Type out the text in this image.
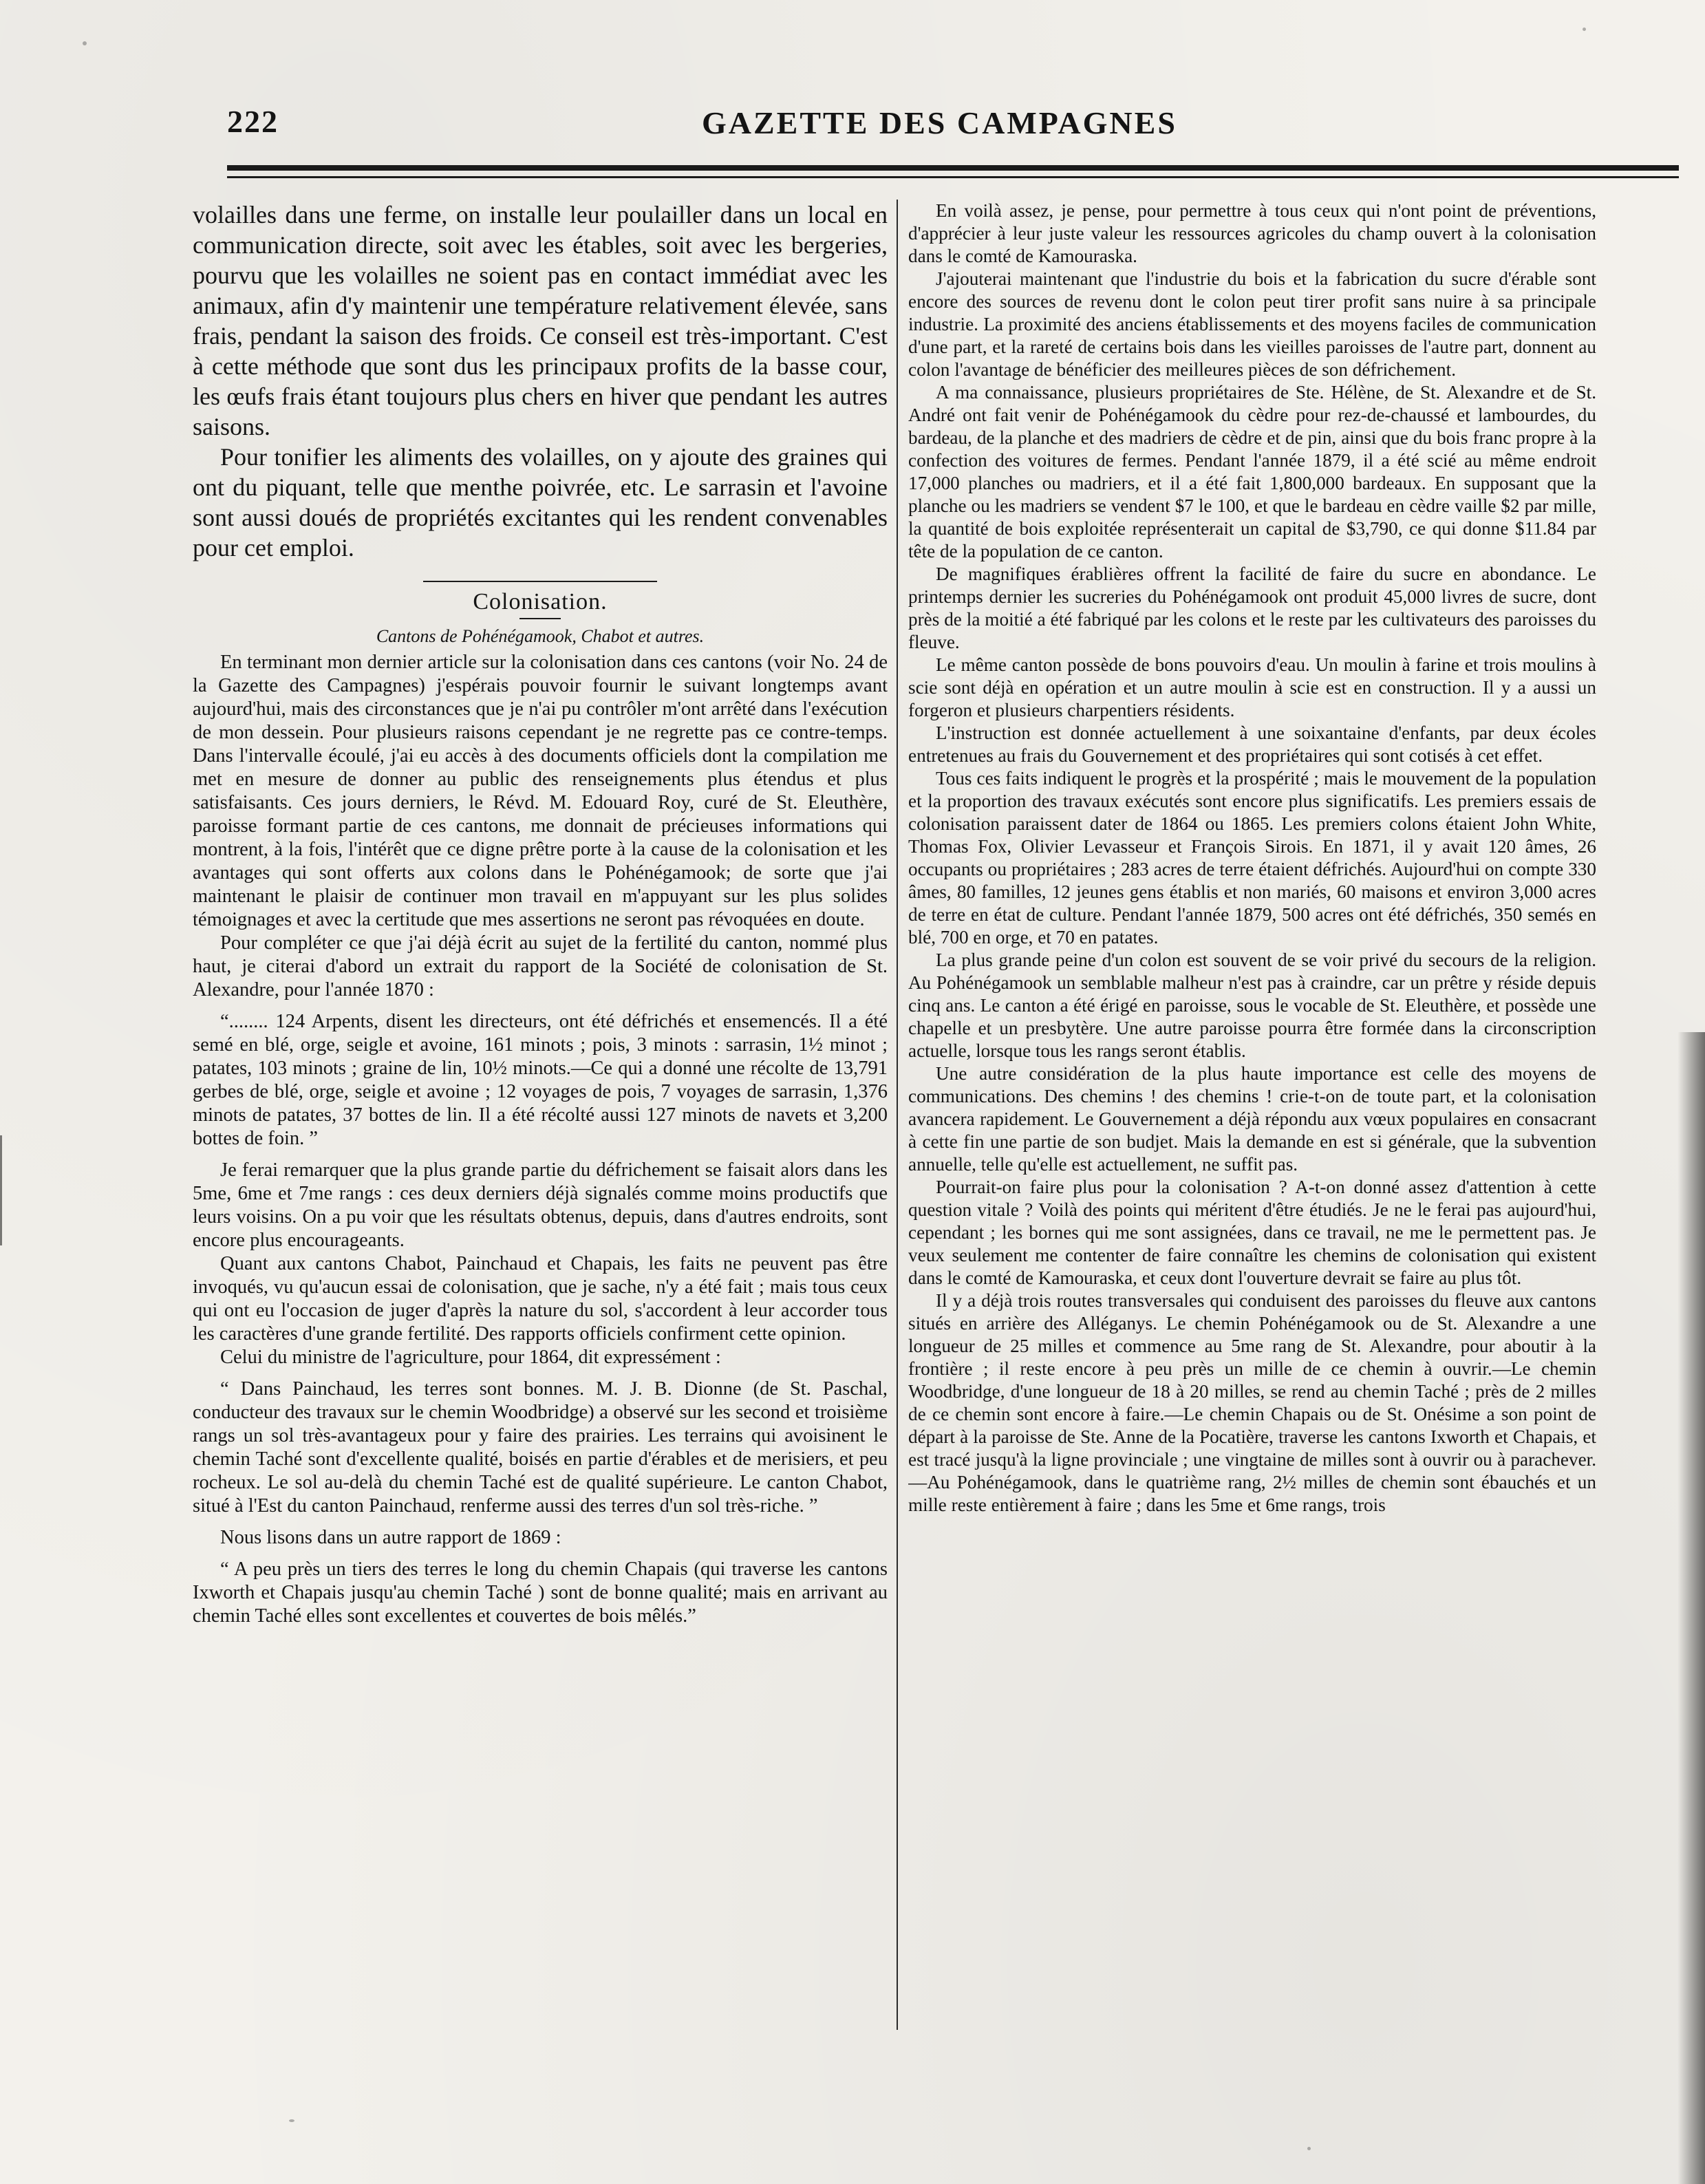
222	GAZETTE DES CAMPAGNES

volailles dans une ferme, on installe leur poulailler dans un local en communication directe, soit avec les étables, soit avec les bergeries, pourvu que les volailles ne soient pas en contact immédiat avec les animaux, afin d'y maintenir une température relativement élevée, sans frais, pendant la saison des froids. Ce conseil est très-important. C'est à cette méthode que sont dus les principaux profits de la basse cour, les œufs frais étant toujours plus chers en hiver que pendant les autres saisons.

Pour tonifier les aliments des volailles, on y ajoute des graines qui ont du piquant, telle que menthe poivrée, etc. Le sarrasin et l'avoine sont aussi doués de propriétés excitantes qui les rendent convenables pour cet emploi.

Colonisation.
Cantons de Pohénégamook, Chabot et autres.

En terminant mon dernier article sur la colonisation dans ces cantons (voir No. 24 de la Gazette des Campagnes) j'espérais pouvoir fournir le suivant longtemps avant aujourd'hui, mais des circonstances que je n'ai pu contrôler m'ont arrêté dans l'exécution de mon dessein. Pour plusieurs raisons cependant je ne regrette pas ce contre-temps. Dans l'intervalle écoulé, j'ai eu accès à des documents officiels dont la compilation me met en mesure de donner au public des renseignements plus étendus et plus satisfaisants. Ces jours derniers, le Révd. M. Edouard Roy, curé de St. Eleuthère, paroisse formant partie de ces cantons, me donnait de précieuses informations qui montrent, à la fois, l'intérêt que ce digne prêtre porte à la cause de la colonisation et les avantages qui sont offerts aux colons dans le Pohénégamook; de sorte que j'ai maintenant le plaisir de continuer mon travail en m'appuyant sur les plus solides témoignages et avec la certitude que mes assertions ne seront pas révoquées en doute.

Pour compléter ce que j'ai déjà écrit au sujet de la fertilité du canton, nommé plus haut, je citerai d'abord un extrait du rapport de la Société de colonisation de St. Alexandre, pour l'année 1870 :

“........ 124 Arpents, disent les directeurs, ont été défrichés et ensemencés. Il a été semé en blé, orge, seigle et avoine, 161 minots ; pois, 3 minots : sarrasin, 1½ minot ; patates, 103 minots ; graine de lin, 10½ minots.—Ce qui a donné une récolte de 13,791 gerbes de blé, orge, seigle et avoine ; 12 voyages de pois, 7 voyages de sarrasin, 1,376 minots de patates, 37 bottes de lin. Il a été récolté aussi 127 minots de navets et 3,200 bottes de foin. ”

Je ferai remarquer que la plus grande partie du défrichement se faisait alors dans les 5me, 6me et 7me rangs : ces deux derniers déjà signalés comme moins productifs que leurs voisins. On a pu voir que les résultats obtenus, depuis, dans d'autres endroits, sont encore plus encourageants.

Quant aux cantons Chabot, Painchaud et Chapais, les faits ne peuvent pas être invoqués, vu qu'aucun essai de colonisation, que je sache, n'y a été fait ; mais tous ceux qui ont eu l'occasion de juger d'après la nature du sol, s'accordent à leur accorder tous les caractères d'une grande fertilité. Des rapports officiels confirment cette opinion.

Celui du ministre de l'agriculture, pour 1864, dit expressément :

“ Dans Painchaud, les terres sont bonnes. M. J. B. Dionne (de St. Paschal, conducteur des travaux sur le chemin Woodbridge) a observé sur les second et troisième rangs un sol très-avantageux pour y faire des prairies. Les terrains qui avoisinent le chemin Taché sont d'excellente qualité, boisés en partie d'érables et de merisiers, et peu rocheux. Le sol au-delà du chemin Taché est de qualité supérieure. Le canton Chabot, situé à l'Est du canton Painchaud, renferme aussi des terres d'un sol très-riche. ”

Nous lisons dans un autre rapport de 1869 :

“ A peu près un tiers des terres le long du chemin Chapais (qui traverse les cantons Ixworth et Chapais jusqu'au chemin Taché ) sont de bonne qualité; mais en arrivant au chemin Taché elles sont excellentes et couvertes de bois mêlés.”

En voilà assez, je pense, pour permettre à tous ceux qui n'ont point de préventions, d'apprécier à leur juste valeur les ressources agricoles du champ ouvert à la colonisation dans le comté de Kamouraska.

J'ajouterai maintenant que l'industrie du bois et la fabrication du sucre d'érable sont encore des sources de revenu dont le colon peut tirer profit sans nuire à sa principale industrie. La proximité des anciens établissements et des moyens faciles de communication d'une part, et la rareté de certains bois dans les vieilles paroisses de l'autre part, donnent au colon l'avantage de bénéficier des meilleures pièces de son défrichement.

A ma connaissance, plusieurs propriétaires de Ste. Hélène, de St. Alexandre et de St. André ont fait venir de Pohénégamook du cèdre pour rez-de-chaussé et lambourdes, du bardeau, de la planche et des madriers de cèdre et de pin, ainsi que du bois franc propre à la confection des voitures de fermes. Pendant l'année 1879, il a été scié au même endroit 17,000 planches ou madriers, et il a été fait 1,800,000 bardeaux. En supposant que la planche ou les madriers se vendent $7 le 100, et que le bardeau en cèdre vaille $2 par mille, la quantité de bois exploitée représenterait un capital de $3,790, ce qui donne $11.84 par tête de la population de ce canton.

De magnifiques érablières offrent la facilité de faire du sucre en abondance. Le printemps dernier les sucreries du Pohénégamook ont produit 45,000 livres de sucre, dont près de la moitié a été fabriqué par les colons et le reste par les cultivateurs des paroisses du fleuve.

Le même canton possède de bons pouvoirs d'eau. Un moulin à farine et trois moulins à scie sont déjà en opération et un autre moulin à scie est en construction. Il y a aussi un forgeron et plusieurs charpentiers résidents.

L'instruction est donnée actuellement à une soixantaine d'enfants, par deux écoles entretenues au frais du Gouvernement et des propriétaires qui sont cotisés à cet effet.

Tous ces faits indiquent le progrès et la prospérité ; mais le mouvement de la population et la proportion des travaux exécutés sont encore plus significatifs. Les premiers essais de colonisation paraissent dater de 1864 ou 1865. Les premiers colons étaient John White, Thomas Fox, Olivier Levasseur et François Sirois. En 1871, il y avait 120 âmes, 26 occupants ou propriétaires ; 283 acres de terre étaient défrichés. Aujourd'hui on compte 330 âmes, 80 familles, 12 jeunes gens établis et non mariés, 60 maisons et environ 3,000 acres de terre en état de culture. Pendant l'année 1879, 500 acres ont été défrichés, 350 semés en blé, 700 en orge, et 70 en patates.

La plus grande peine d'un colon est souvent de se voir privé du secours de la religion. Au Pohénégamook un semblable malheur n'est pas à craindre, car un prêtre y réside depuis cinq ans. Le canton a été érigé en paroisse, sous le vocable de St. Eleuthère, et possède une chapelle et un presbytère. Une autre paroisse pourra être formée dans la circonscription actuelle, lorsque tous les rangs seront établis.

Une autre considération de la plus haute importance est celle des moyens de communications. Des chemins ! des chemins ! crie-t-on de toute part, et la colonisation avancera rapidement. Le Gouvernement a déjà répondu aux vœux populaires en consacrant à cette fin une partie de son budjet. Mais la demande en est si générale, que la subvention annuelle, telle qu'elle est actuellement, ne suffit pas.

Pourrait-on faire plus pour la colonisation ? A-t-on donné assez d'attention à cette question vitale ? Voilà des points qui méritent d'être étudiés. Je ne le ferai pas aujourd'hui, cependant ; les bornes qui me sont assignées, dans ce travail, ne me le permettent pas. Je veux seulement me contenter de faire connaître les chemins de colonisation qui existent dans le comté de Kamouraska, et ceux dont l'ouverture devrait se faire au plus tôt.

Il y a déjà trois routes transversales qui conduisent des paroisses du fleuve aux cantons situés en arrière des Alléganys. Le chemin Pohénégamook ou de St. Alexandre a une longueur de 25 milles et commence au 5me rang de St. Alexandre, pour aboutir à la frontière ; il reste encore à peu près un mille de ce chemin à ouvrir.—Le chemin Woodbridge, d'une longueur de 18 à 20 milles, se rend au chemin Taché ; près de 2 milles de ce chemin sont encore à faire.—Le chemin Chapais ou de St. Onésime a son point de départ à la paroisse de Ste. Anne de la Pocatière, traverse les cantons Ixworth et Chapais, et est tracé jusqu'à la ligne provinciale ; une vingtaine de milles sont à ouvrir ou à parachever.—Au Pohénégamook, dans le quatrième rang, 2½ milles de chemin sont ébauchés et un mille reste entièrement à faire ; dans les 5me et 6me rangs, trois
